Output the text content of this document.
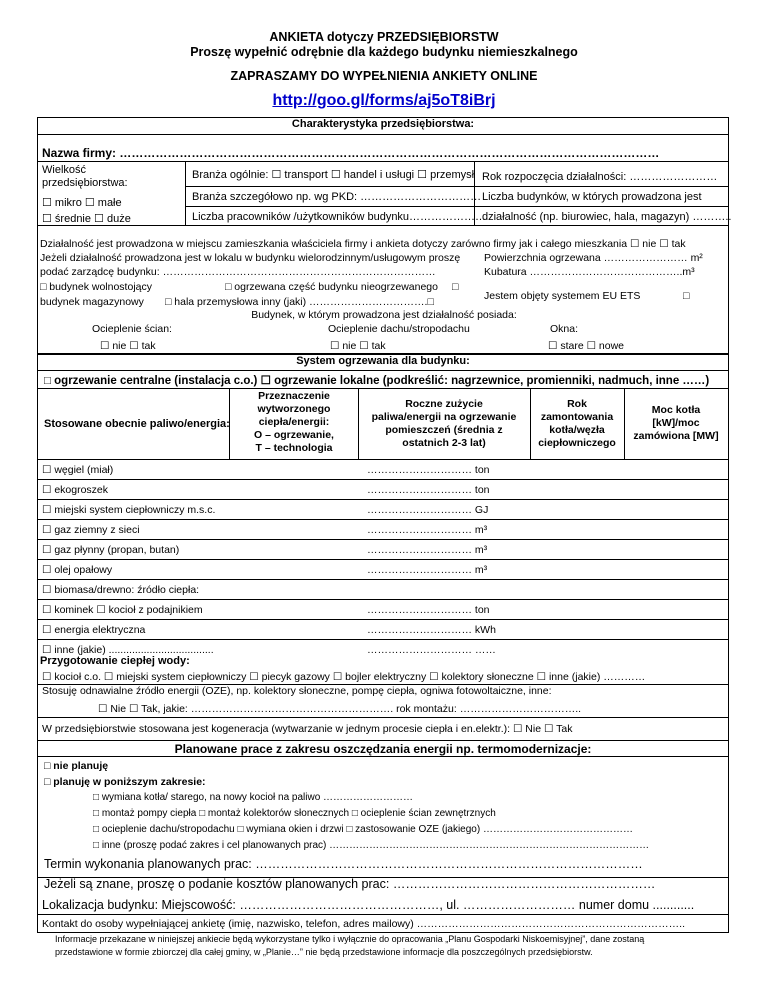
ANKIETA dotyczy PRZEDSIĘBIORSTW
Proszę wypełnić odrębnie dla każdego budynku niemieszkalnego
ZAPRASZAMY DO WYPEŁNIENIA ANKIETY ONLINE
http://goo.gl/forms/aj5oT8iBrj
Charakterystyka przedsiębiorstwa:
Nazwa firmy: ………………………………………………………………………………………………………………………
Wielkość
przedsiębiorstwa:
☐ mikro ☐ małe
☐ średnie ☐ duże
Branża ogólnie: ☐ transport ☐ handel i usługi ☐ przemysł
Branża szczegółowo np. wg PKD: ……………………………
Liczba pracowników /użytkowników budynku…………………
Rok rozpoczęcia działalności: ……………………
Liczba budynków, w których prowadzona jest
działalność (np. biurowiec, hala, magazyn) ………..
Działalność jest prowadzona w miejscu zamieszkania właściciela firmy i ankieta dotyczy zarówno firmy jak i całego mieszkania ☐ nie ☐ tak
Jeżeli działalność prowadzona jest w lokalu w budynku wielorodzinnym/usługowym proszę
podać zarządcę budynku: ……………………………………………………………………
Powierzchnia ogrzewana …………………… m²
Kubatura ……………………………………..m³
□ budynek wolnostojący	□ ogrzewana część budynku nieogrzewanego □
budynek magazynowy □ hala przemysłowa inny (jaki) …………………………….□	Jestem objęty systemem EU ETS	□
Budynek, w którym prowadzona jest działalność posiada:
Ocieplenie ścian:	Ocieplenie dachu/stropodachu	Okna:
☐ nie ☐ tak	☐ nie ☐ tak	☐ stare ☐ nowe
System ogrzewania dla budynku:
□ ogrzewanie centralne (instalacja c.o.) ☐ ogrzewanie lokalne (podkreślić: nagrzewnice, promienniki, nadmuch, inne ……)
Stosowane obecnie paliwo/energia:
Przeznaczenie
wytworzonego
ciepła/energii:
O – ogrzewanie,
T – technologia
Roczne zużycie
paliwa/energii na ogrzewanie
pomieszczeń (średnia z
ostatnich 2-3 lat)
Rok
zamontowania
kotła/węzła
ciepłowniczego
Moc kotła
[kW]/moc
zamówiona [MW]
☐ węgiel (miał)	………………………… ton
☐ ekogroszek	………………………… ton
☐ miejski system ciepłowniczy m.s.c.	………………………… GJ
☐ gaz ziemny z sieci	………………………… m³
☐ gaz płynny (propan, butan)	………………………… m³
☐ olej opałowy	………………………… m³
☐ biomasa/drewno: źródło ciepła:
☐ kominek ☐ kocioł z podajnikiem	………………………… ton
☐ energia elektryczna	………………………… kWh
☐ inne (jakie) ....................................	………………………… ……
Przygotowanie ciepłej wody:
☐ kocioł c.o. ☐ miejski system ciepłowniczy ☐ piecyk gazowy ☐ bojler elektryczny ☐ kolektory słoneczne ☐ inne (jakie) …………
Stosuję odnawialne źródło energii (OZE), np. kolektory słoneczne, pompę ciepła, ogniwa fotowoltaiczne, inne:
☐ Nie ☐ Tak, jakie: …………………………………………………. rok montażu: ……………………………..
W przedsiębiorstwie stosowana jest kogeneracja (wytwarzanie w jednym procesie ciepła i en.elektr.): ☐ Nie ☐ Tak
Planowane prace z zakresu oszczędzania energii np. termomodernizacje:
□ nie planuję
□ planuję w poniższym zakresie:
□ wymiana kotła/ starego, na nowy kocioł na paliwo ………………………
□ montaż pompy ciepła □ montaż kolektorów słonecznych □ ocieplenie ścian zewnętrznych
□ ocieplenie dachu/stropodachu □ wymiana okien i drzwi □ zastosowanie OZE (jakiego) ………………………………………
□ inne (proszę podać zakres i cel planowanych prac) ……………………………………………………………………………………
Termin wykonania planowanych prac: …………………………………………………………………………………
Jeżeli są znane, proszę o podanie kosztów planowanych prac: ………………………………………………………
Lokalizacja budynku: Miejscowość: …………………………………………, ul. ……………………… numer domu ............
Kontakt do osoby wypełniającej ankietę (imię, nazwisko, telefon, adres mailowy) …………………………………………………………………..
Informacje przekazane w niniejszej ankiecie będą wykorzystane tylko i wyłącznie do opracowania „Planu Gospodarki Niskoemisyjnej”, dane zostaną
przedstawione w formie zbiorczej dla całej gminy, w „Planie…” nie będą przedstawione informacje dla poszczególnych przedsiębiorstw.
